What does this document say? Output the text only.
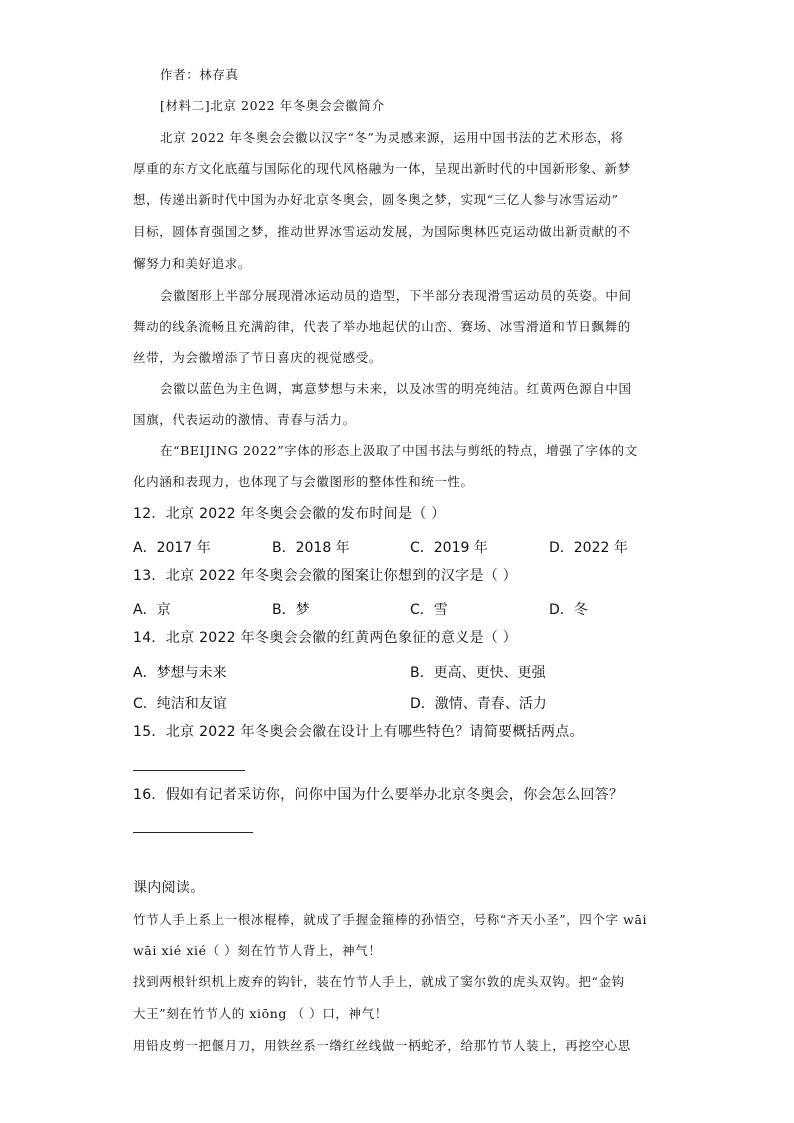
作者：林存真
[材料二]北京 2022 年冬奥会会徽简介
北京 2022 年冬奥会会徽以汉字“冬”为灵感来源，运用中国书法的艺术形态，将
厚重的东方文化底蕴与国际化的现代风格融为一体，呈现出新时代的中国新形象、新梦
想，传递出新时代中国为办好北京冬奥会，圆冬奥之梦，实现“三亿人参与冰雪运动”
目标，圆体育强国之梦，推动世界冰雪运动发展，为国际奥林匹克运动做出新贡献的不
懈努力和美好追求。
会徽图形上半部分展现滑冰运动员的造型，下半部分表现滑雪运动员的英姿。中间
舞动的线条流畅且充满韵律，代表了举办地起伏的山峦、赛场、冰雪滑道和节日飘舞的
丝带，为会徽增添了节日喜庆的视觉感受。
会徽以蓝色为主色调，寓意梦想与未来，以及冰雪的明亮纯洁。红黄两色源自中国
国旗，代表运动的激情、青春与活力。
在“BEIJING 2022”字体的形态上汲取了中国书法与剪纸的特点，增强了字体的文
化内涵和表现力，也体现了与会徽图形的整体性和统一性。
12．北京 2022 年冬奥会会徽的发布时间是（ ）
A．2017 年	B．2018 年	C．2019 年	D．2022 年
13．北京 2022 年冬奥会会徽的图案让你想到的汉字是（ ）
A．京	B．梦	C．雪	D．冬
14．北京 2022 年冬奥会会徽的红黄两色象征的意义是（ ）
A．梦想与未来	B．更高、更快、更强
C．纯洁和友谊	D．激情、青春、活力
15．北京 2022 年冬奥会会徽在设计上有哪些特色？请简要概括两点。
16．假如有记者采访你，问你中国为什么要举办北京冬奥会，你会怎么回答？
课内阅读。
竹节人手上系上一根冰棍棒，就成了手握金箍棒的孙悟空，号称“齐天小圣”，四个字 wāi
wāi xié xié（ ）刻在竹节人背上，神气！
找到两根针织机上废弃的钩针，装在竹节人手上，就成了窦尔敦的虎头双钩。把“金钩
大王”刻在竹节人的 xiōng （ ）口，神气！
用铅皮剪一把偃月刀，用铁丝系一绺红丝线做一柄蛇矛，给那竹节人装上，再挖空心思
